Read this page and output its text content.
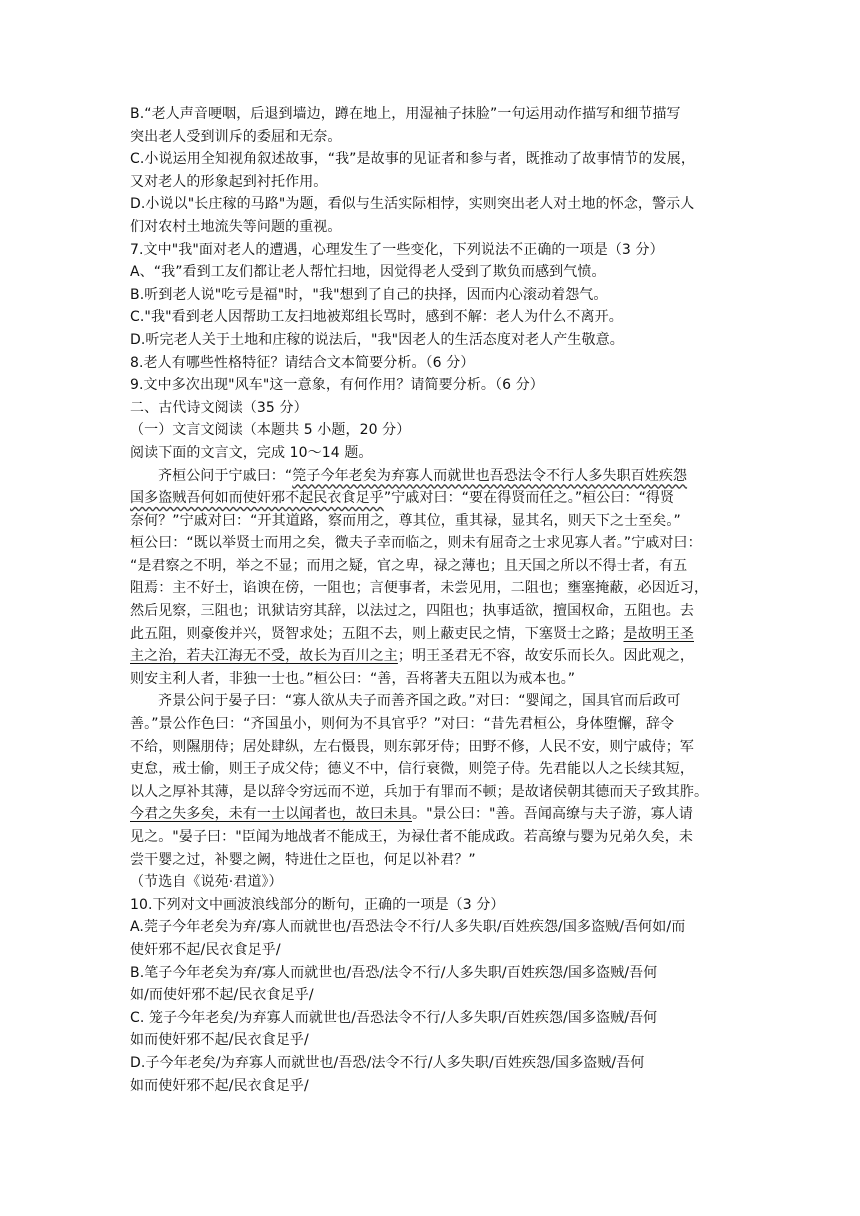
B.“老人声音哽咽，后退到墙边，蹲在地上，用湿袖子抹脸”一句运用动作描写和细节描写
突出老人受到训斥的委屈和无奈。

C.小说运用全知视角叙述故事，“我”是故事的见证者和参与者，既推动了故事情节的发展，
又对老人的形象起到衬托作用。

D.小说以"长庄稼的马路"为题，看似与生活实际相悖，实则突出老人对土地的怀念，警示人
们对农村土地流失等问题的重视。

7.文中"我"面对老人的遭遇，心理发生了一些变化，下列说法不正确的一项是（3 分）

A、“我”看到工友们都让老人帮忙扫地，因觉得老人受到了欺负而感到气愤。

B.听到老人说"吃亏是福"时，"我"想到了自己的抉择，因而内心滚动着怨气。

C."我"看到老人因帮助工友扫地被郑组长骂时，感到不解：老人为什么不离开。

D.听完老人关于土地和庄稼的说法后，"我"因老人的生活态度对老人产生敬意。

8.老人有哪些性格特征？请结合文本简要分析。（6 分）

9.文中多次出现"风车"这一意象，有何作用？请简要分析。（6 分）

二、古代诗文阅读（35 分）

（一）文言文阅读（本题共 5 小题，20 分）

阅读下面的文言文，完成 10～14 题。

齐桓公问于宁戚曰：“筦子今年老矣为弃寡人而就世也吾恐法令不行人多失职百姓疾怨
国多盗贼吾何如而使奸邪不起民衣食足乎”宁戚对曰：“要在得贤而任之。”桓公曰：“得贤
奈何？”宁戚对曰：“开其道路，察而用之，尊其位，重其禄，显其名，则天下之士至矣。”
桓公曰：“既以举贤士而用之矣，微夫子幸而临之，则未有屈奇之士求见寡人者。”宁戚对曰：
“是君察之不明，举之不显；而用之疑，官之卑，禄之薄也；且天国之所以不得士者，有五
阻焉：主不好士，谄谀在傍，一阻也；言便事者，未尝见用，二阻也；壅塞掩蔽，必因近习，
然后见察，三阻也；讯狱诘穷其辞，以法过之，四阻也；执事适欲，擅国权命，五阻也。去
此五阻，则豪俊并兴，贤智求处；五阻不去，则上蔽吏民之情，下塞贤士之路；是故明王圣
主之治，若夫江海无不受，故长为百川之主；明王圣君无不容，故安乐而长久。因此观之，
则安主利人者，非独一士也。”桓公曰：“善，吾将著夫五阻以为戒本也。”
齐景公问于晏子曰：“寡人欲从夫子而善齐国之政。”对曰：“婴闻之，国具官而后政可
善。”景公作色曰：“齐国虽小，则何为不具官乎？”对曰：“昔先君桓公，身体堕懈，辞令
不给，则隰朋侍；居处肆纵，左右慑畏，则东郭牙侍；田野不修，人民不安，则宁戚侍；军
吏怠，戒士偷，则王子成父侍；德义不中，信行衰微，则筦子侍。先君能以人之长续其短，
以人之厚补其薄，是以辞令穷远而不逆，兵加于有罪而不顿；是故诸侯朝其德而天子致其胙。
今君之失多矣，未有一士以闻者也，故曰未具。"景公曰："善。吾闻高缭与夫子游，寡人请
见之。"晏子曰："臣闻为地战者不能成王，为禄仕者不能成政。若高缭与婴为兄弟久矣，未
尝干婴之过，补婴之阙，特进仕之臣也，何足以补君？”

（节选自《说苑·君道》）

10.下列对文中画波浪线部分的断句，正确的一项是（3 分）

A.莞子今年老矣为弃/寡人而就世也/吾恐法令不行/人多失职/百姓疾怨/国多盗贼/吾何如/而
使奸邪不起/民衣食足乎/

B.笔子今年老矣为弃/寡人而就世也/吾恐/法令不行/人多失职/百姓疾怨/国多盗贼/吾何
如/而使奸邪不起/民衣食足乎/

C. 笼子今年老矣/为弃寡人而就世也/吾恐法令不行/人多失职/百姓疾怨/国多盗贼/吾何
如而使奸邪不起/民衣食足乎/

D.子今年老矣/为弃寡人而就世也/吾恐/法令不行/人多失职/百姓疾怨/国多盗贼/吾何
如而使奸邪不起/民衣食足乎/
